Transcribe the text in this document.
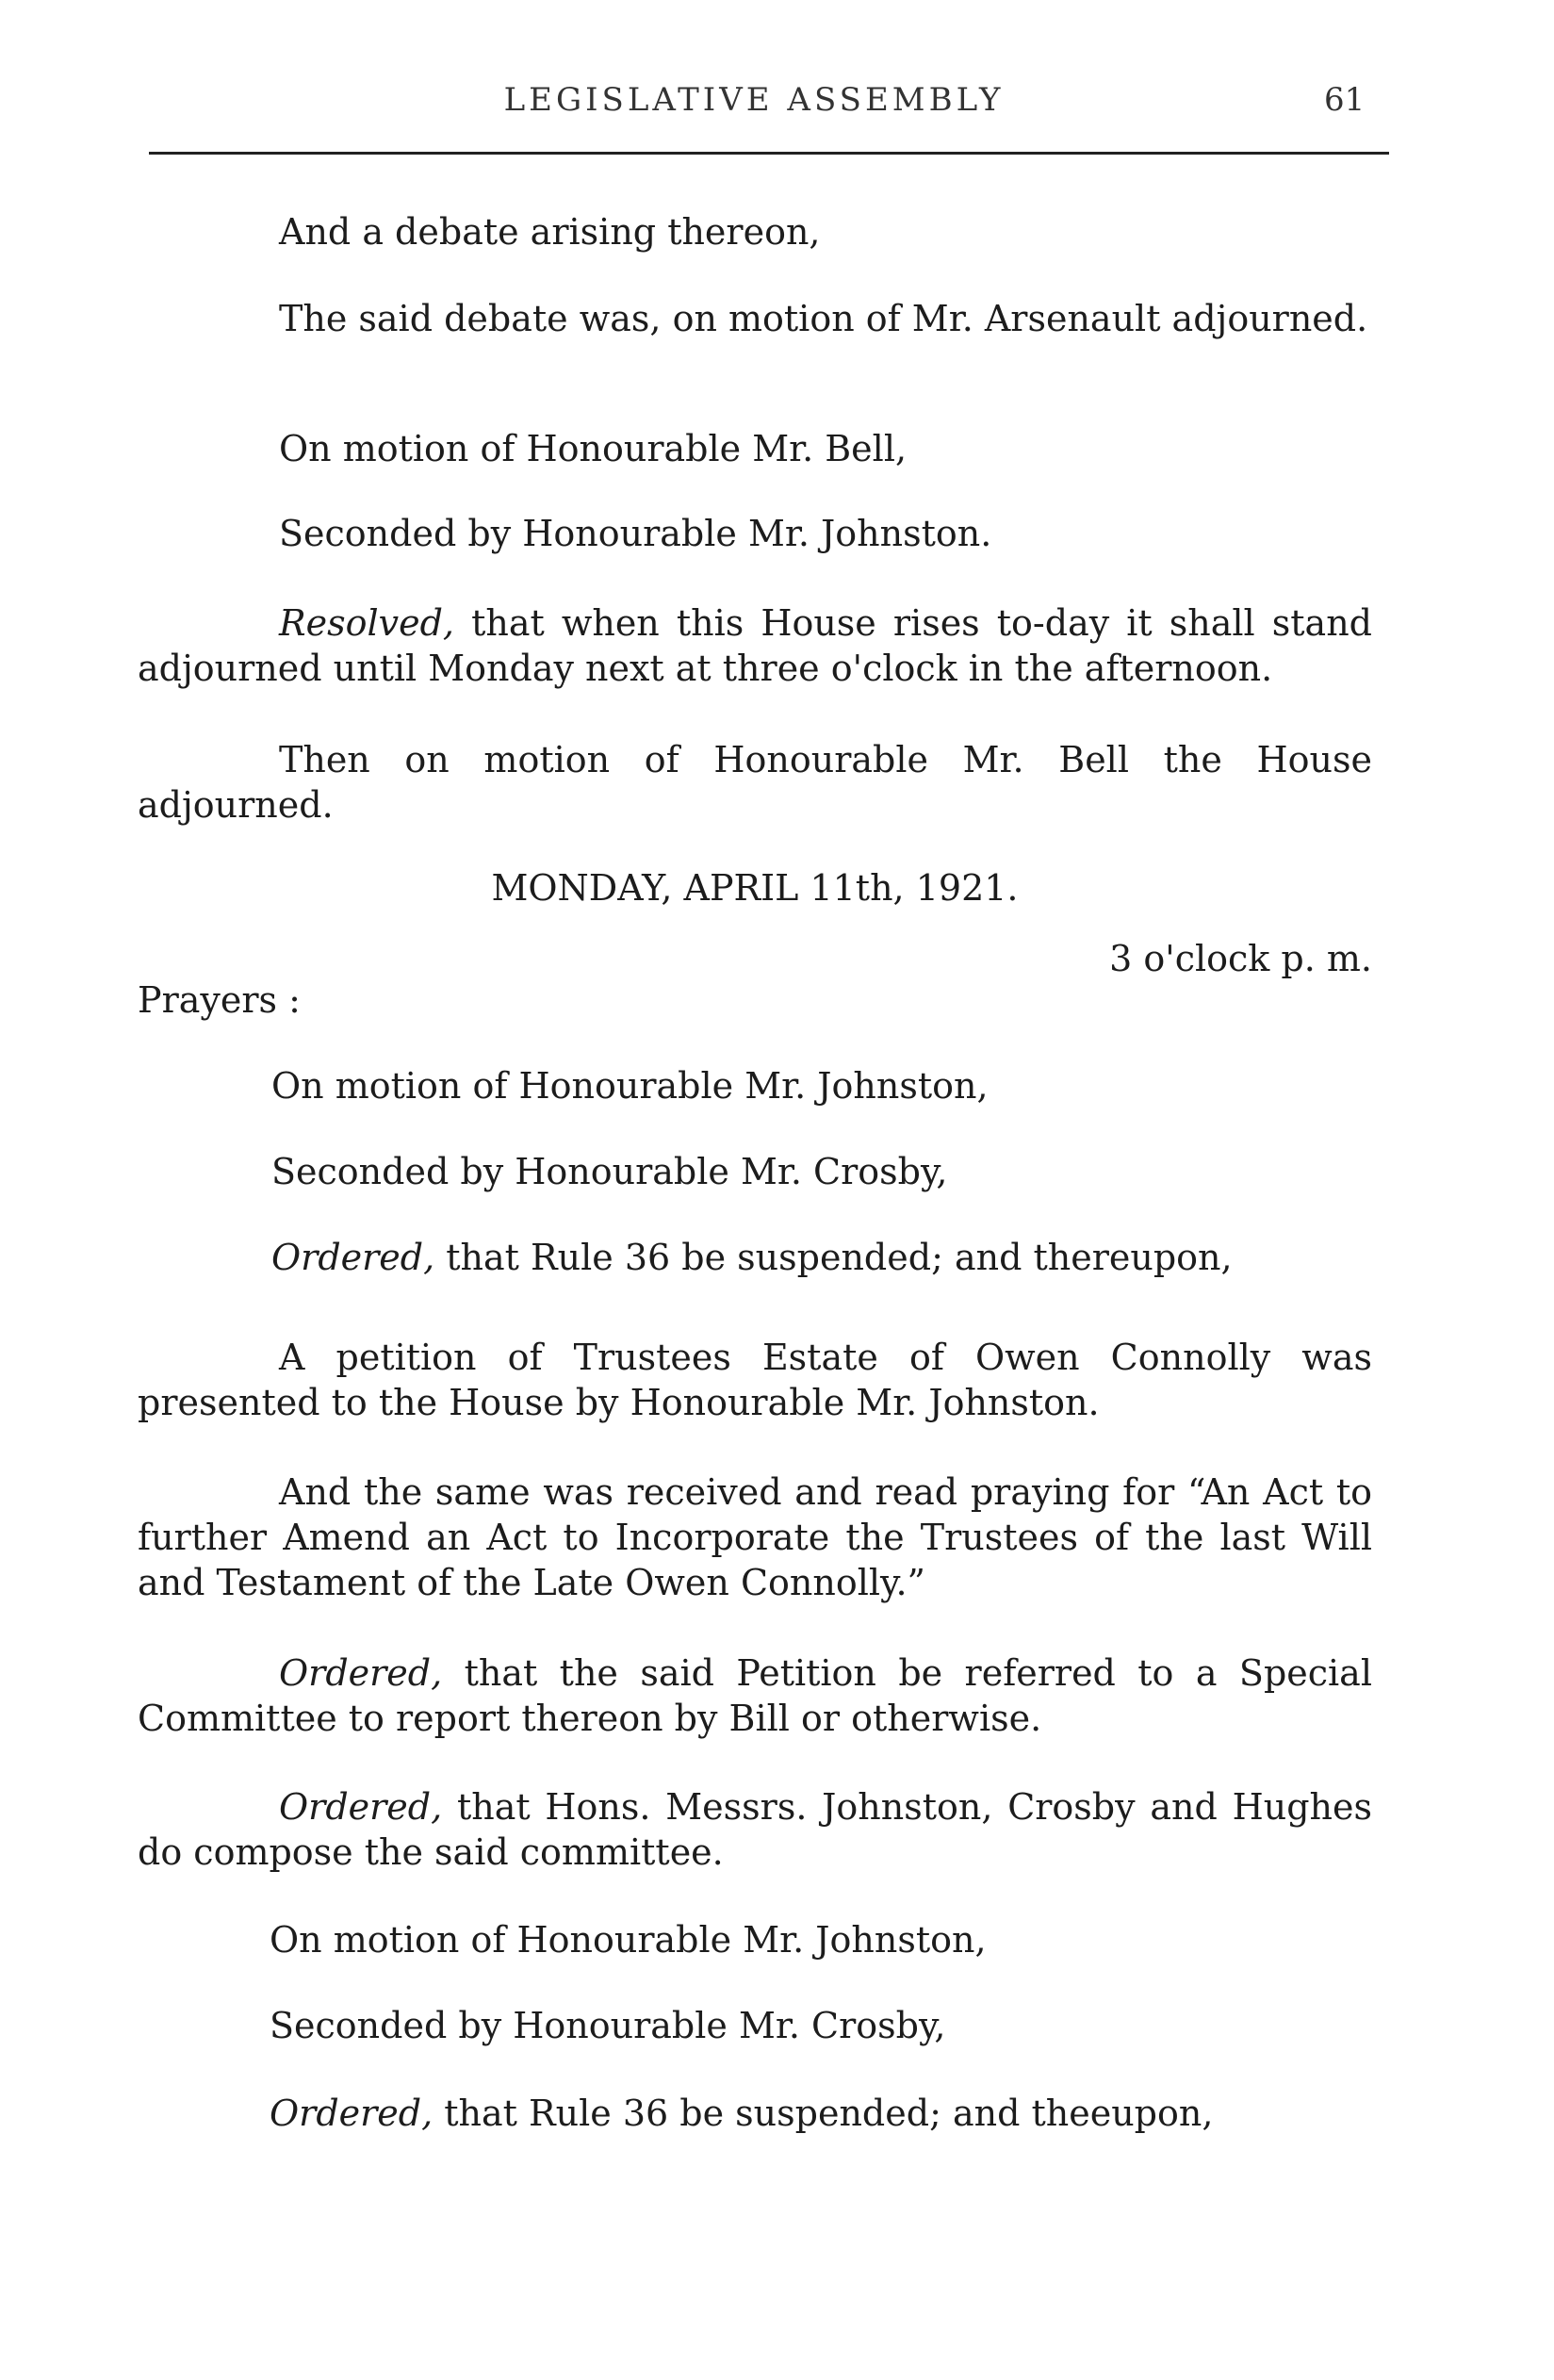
LEGISLATIVE ASSEMBLY	61

And a debate arising thereon,

The said debate was, on motion of Mr. Arsenault adjourned.

On motion of Honourable Mr. Bell,

Seconded by Honourable Mr. Johnston.

Resolved, that when this House rises to-day it shall stand adjourned until Monday next at three o'clock in the afternoon.

Then on motion of Honourable Mr. Bell the House adjourned.

MONDAY, APRIL 11th, 1921.

3 o'clock p. m.

Prayers :

On motion of Honourable Mr. Johnston,

Seconded by Honourable Mr. Crosby,

Ordered, that Rule 36 be suspended; and thereupon,

A petition of Trustees Estate of Owen Connolly was presented to the House by Honourable Mr. Johnston.

And the same was received and read praying for “An Act to further Amend an Act to Incorporate the Trustees of the last Will and Testament of the Late Owen Connolly.”

Ordered, that the said Petition be referred to a Special Committee to report thereon by Bill or otherwise.

Ordered, that Hons. Messrs. Johnston, Crosby and Hughes do compose the said committee.

On motion of Honourable Mr. Johnston,

Seconded by Honourable Mr. Crosby,

Ordered, that Rule 36 be suspended; and theeupon,
